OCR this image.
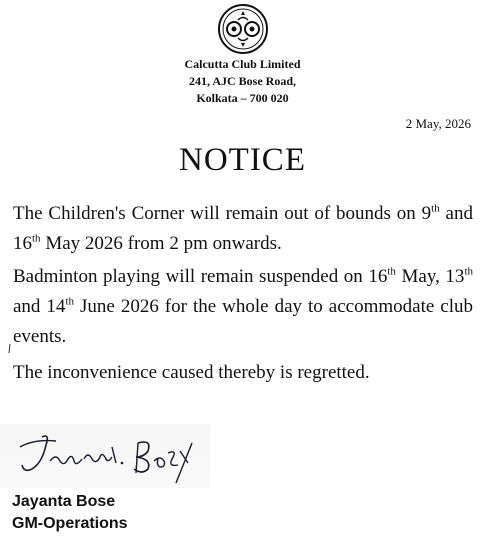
Calcutta Club Limited
241, AJC Bose Road,
Kolkata – 700 020
2 May, 2026
NOTICE
The Children's Corner will remain out of bounds on 9th and 16th May 2026 from 2 pm onwards.
Badminton playing will remain suspended on 16th May, 13th and 14th June 2026 for the whole day to accommodate club events.
The inconvenience caused thereby is regretted.
Jayanta Bose
GM-Operations
